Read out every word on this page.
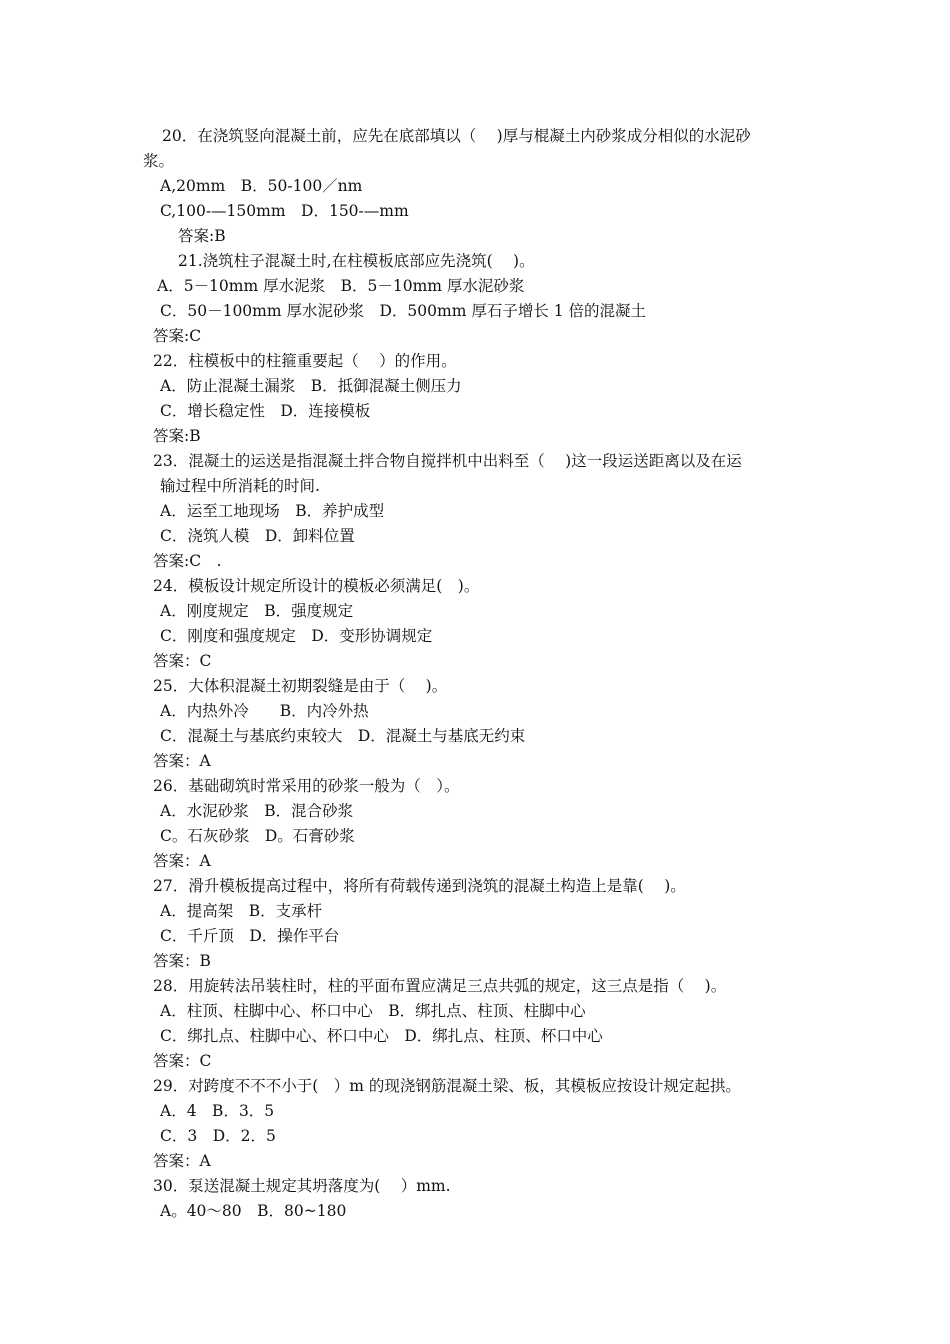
20．在浇筑竖向混凝土前，应先在底部填以（　 )厚与棍凝土内砂浆成分相似的水泥砂
浆。
A,20mm　B．50-100／nm
C,100-—150mm　D．150-—mm
答案:B
21.浇筑柱子混凝土时,在柱模板底部应先浇筑(　 )。
A．5－10mm 厚水泥浆　B．5－10mm 厚水泥砂浆
C．50－100mm 厚水泥砂浆　D．500mm 厚石子增长 1 倍的混凝土
答案:C
22．柱模板中的柱箍重要起（　 ）的作用。
A．防止混凝土漏浆　B．抵御混凝土侧压力
C．增长稳定性　D．连接模板
答案:B
23．混凝土的运送是指混凝土拌合物自搅拌机中出料至（　 )这一段运送距离以及在运
输过程中所消耗的时间.
A．运至工地现场　B．养护成型
C．浇筑人模　D．卸料位置
答案:C　.
24．模板设计规定所设计的模板必须满足(　)。
A．刚度规定　B．强度规定
C．刚度和强度规定　D．变形协调规定
答案：C
25．大体积混凝土初期裂缝是由于（　 )。
A．内热外冷　　B．内冷外热
C．混凝土与基底约束较大　D．混凝土与基底无约束
答案：A
26．基础砌筑时常采用的砂浆一般为（　）。
A．水泥砂浆　B．混合砂浆
C。石灰砂浆　D。石膏砂浆
答案：A
27．滑升模板提高过程中，将所有荷载传递到浇筑的混凝土构造上是靠(　 )。
A．提高架　B．支承杆
C．千斤顶　D．操作平台
答案：B
28．用旋转法吊装柱时，柱的平面布置应满足三点共弧的规定，这三点是指（　 )。
A．柱顶、柱脚中心、杯口中心　B．绑扎点、柱顶、柱脚中心
C．绑扎点、柱脚中心、杯口中心　D．绑扎点、柱顶、杯口中心
答案：C
29．对跨度不不不小于(　）m 的现浇钢筋混凝土梁、板，其模板应按设计规定起拱。
A．4　B．3．5
C．3　D．2．5
答案：A
30．泵送混凝土规定其坍落度为(　 ）mm.
A。40～80　B．80~180
